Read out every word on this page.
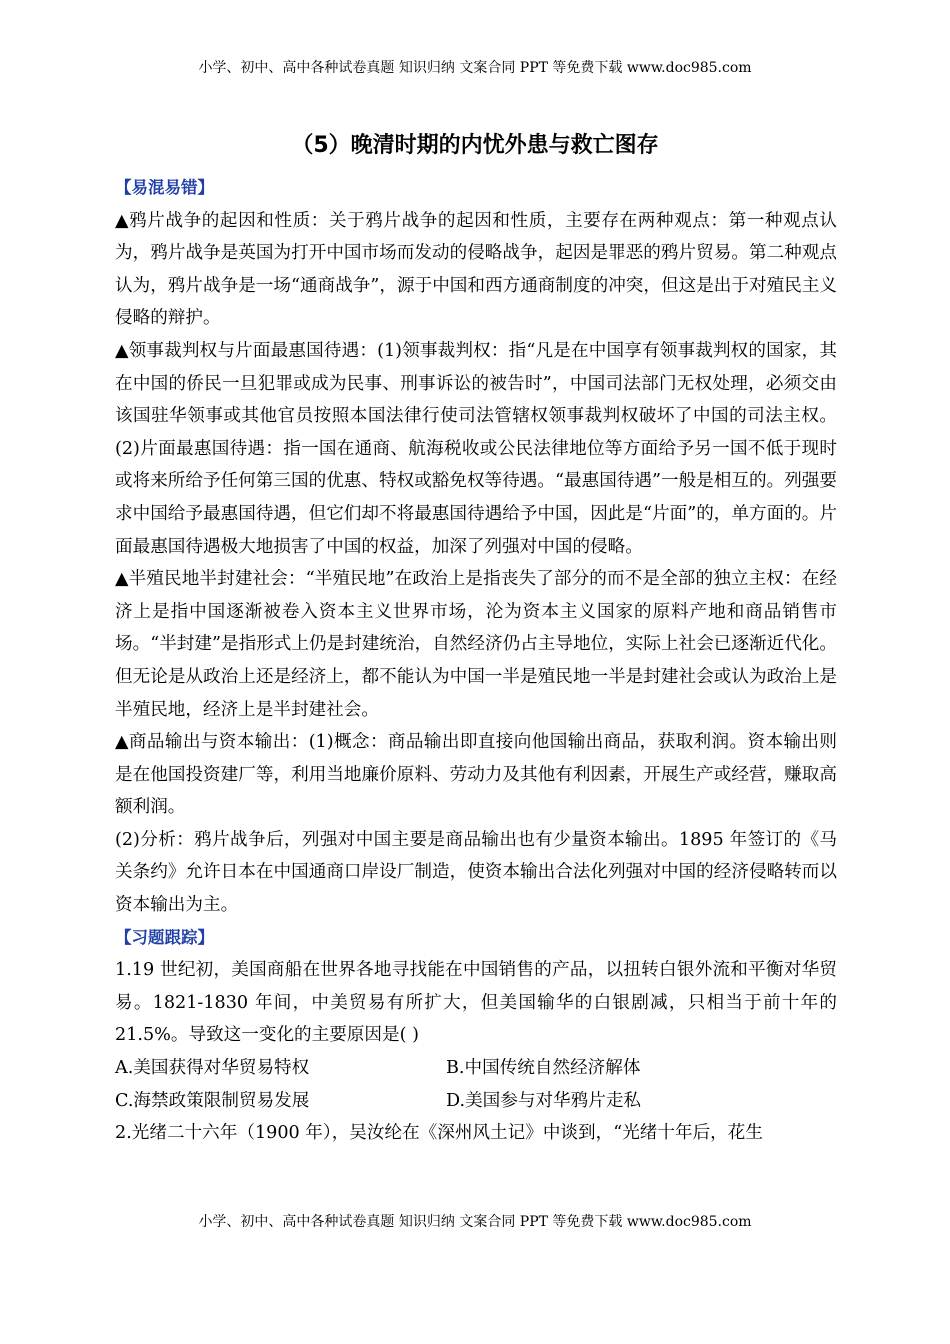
小学、初中、高中各种试卷真题 知识归纳 文案合同 PPT 等免费下载 www.doc985.com
（5）晚清时期的内忧外患与救亡图存

【易混易错】

▲鸦片战争的起因和性质：关于鸦片战争的起因和性质，主要存在两种观点：第一种观点认为，鸦片战争是英国为打开中国市场而发动的侵略战争，起因是罪恶的鸦片贸易。第二种观点认为，鸦片战争是一场“通商战争”，源于中国和西方通商制度的冲突，但这是出于对殖民主义侵略的辩护。

▲领事裁判权与片面最惠国待遇：(1)领事裁判权：指“凡是在中国享有领事裁判权的国家，其在中国的侨民一旦犯罪或成为民事、刑事诉讼的被告时”，中国司法部门无权处理，必须交由该国驻华领事或其他官员按照本国法律行使司法管辖权领事裁判权破坏了中国的司法主权。(2)片面最惠国待遇：指一国在通商、航海税收或公民法律地位等方面给予另一国不低于现时或将来所给予任何第三国的优惠、特权或豁免权等待遇。“最惠国待遇”一般是相互的。列强要求中国给予最惠国待遇，但它们却不将最惠国待遇给予中国，因此是“片面”的，单方面的。片面最惠国待遇极大地损害了中国的权益，加深了列强对中国的侵略。

▲半殖民地半封建社会：“半殖民地”在政治上是指丧失了部分的而不是全部的独立主权：在经济上是指中国逐渐被卷入资本主义世界市场，沦为资本主义国家的原料产地和商品销售市场。“半封建”是指形式上仍是封建统治，自然经济仍占主导地位，实际上社会已逐渐近代化。但无论是从政治上还是经济上，都不能认为中国一半是殖民地一半是封建社会或认为政治上是半殖民地，经济上是半封建社会。

▲商品输出与资本输出：(1)概念：商品输出即直接向他国输出商品，获取利润。资本输出则是在他国投资建厂等，利用当地廉价原料、劳动力及其他有利因素，开展生产或经营，赚取高额利润。

(2)分析：鸦片战争后，列强对中国主要是商品输出也有少量资本输出。1895 年签订的《马关条约》允许日本在中国通商口岸设厂制造，使资本输出合法化列强对中国的经济侵略转而以资本输出为主。

【习题跟踪】

1.19 世纪初，美国商船在世界各地寻找能在中国销售的产品，以扭转白银外流和平衡对华贸易。1821-1830 年间，中美贸易有所扩大，但美国输华的白银剧减，只相当于前十年的 21.5%。导致这一变化的主要原因是( )

A.美国获得对华贸易特权	B.中国传统自然经济解体
C.海禁政策限制贸易发展	D.美国参与对华鸦片走私

2.光绪二十六年（1900 年），吴汝纶在《深州风土记》中谈到，“光绪十年后，花生

小学、初中、高中各种试卷真题 知识归纳 文案合同 PPT 等免费下载 www.doc985.com
